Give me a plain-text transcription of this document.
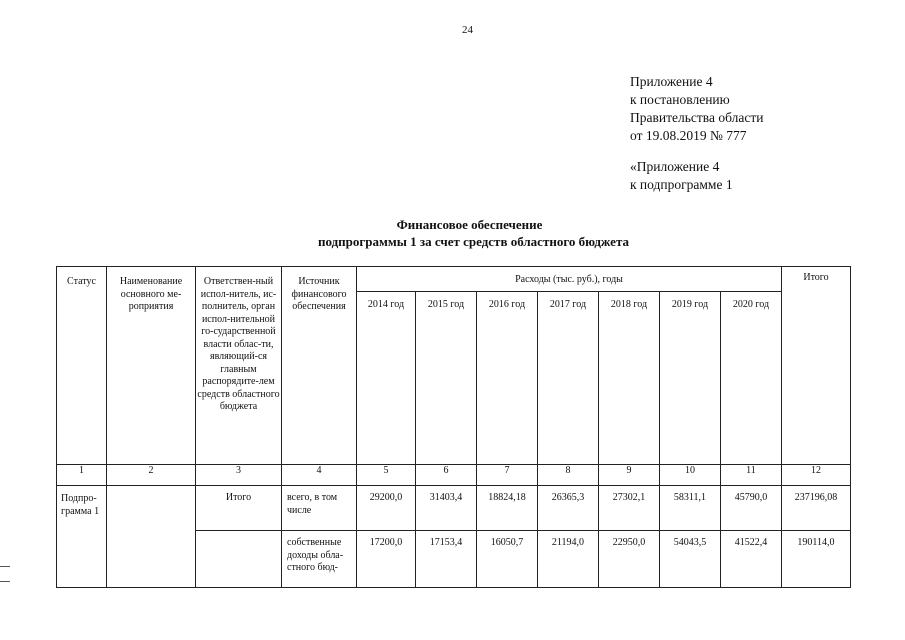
24
Приложение 4
к постановлению
Правительства области
от 19.08.2019 № 777
«Приложение 4
к подпрограмме 1
Финансовое обеспечение
подпрограммы 1 за счет средств областного бюджета
Статус	Наименование основного ме-роприятия	Ответствен-ный испол-нитель, ис-полнитель, орган испол-нительной го-сударственной власти облас-ти, являющий-ся главным распорядите-лем средств областного бюджета	Источник финансового обеспечения	Расходы (тыс. руб.), годы							Итого
				2014 год	2015 год	2016 год	2017 год	2018 год	2019 год	2020 год	
1	2	3	4	5	6	7	8	9	10	11	12
Подпро-грамма 1		Итого	всего, в том числе	29200,0	31403,4	18824,18	26365,3	27302,1	58311,1	45790,0	237196,08
			собственные доходы обла-стного бюд-	17200,0	17153,4	16050,7	21194,0	22950,0	54043,5	41522,4	190114,0
